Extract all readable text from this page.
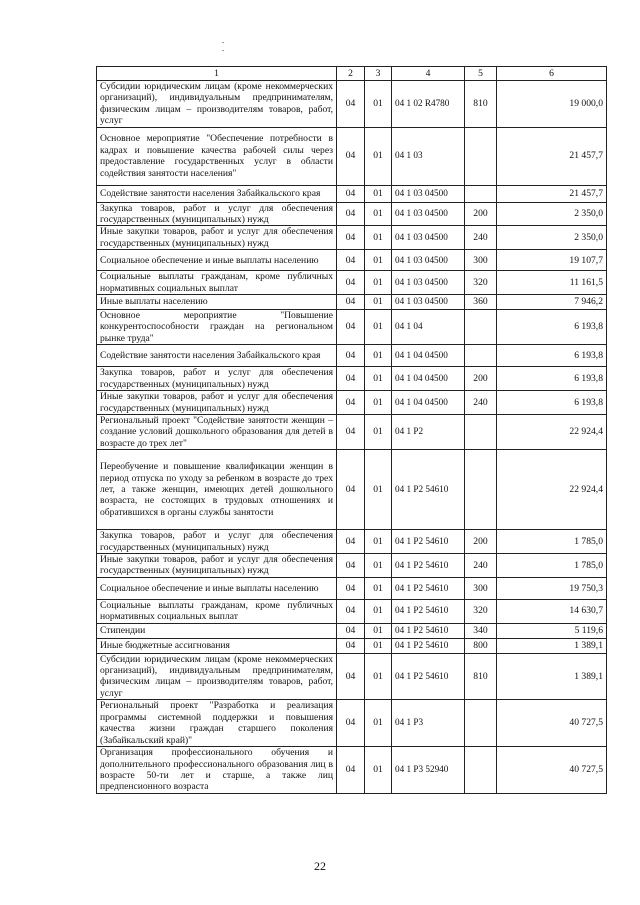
1	2	3	4	5	6
Субсидии юридическим лицам (кроме некоммерческих организаций), индивидуальным предпринимателям, физическим лицам – производителям товаров, работ, услуг	04	01	04 1 02 R4780	810	19 000,0
Основное мероприятие "Обеспечение потребности в кадрах и повышение качества рабочей силы через предоставление государственных услуг в области содействия занятости населения"	04	01	04 1 03		21 457,7
Содействие занятости населения Забайкальского края	04	01	04 1 03 04500		21 457,7
Закупка товаров, работ и услуг для обеспечения государственных (муниципальных) нужд	04	01	04 1 03 04500	200	2 350,0
Иные закупки товаров, работ и услуг для обеспечения государственных (муниципальных) нужд	04	01	04 1 03 04500	240	2 350,0
Социальное обеспечение и иные выплаты населению	04	01	04 1 03 04500	300	19 107,7
Социальные выплаты гражданам, кроме публичных нормативных социальных выплат	04	01	04 1 03 04500	320	11 161,5
Иные выплаты населению	04	01	04 1 03 04500	360	7 946,2
Основное мероприятие "Повышение конкурентоспособности граждан на региональном рынке труда"	04	01	04 1 04		6 193,8
Содействие занятости населения Забайкальского края	04	01	04 1 04 04500		6 193,8
Закупка товаров, работ и услуг для обеспечения государственных (муниципальных) нужд	04	01	04 1 04 04500	200	6 193,8
Иные закупки товаров, работ и услуг для обеспечения государственных (муниципальных) нужд	04	01	04 1 04 04500	240	6 193,8
Региональный проект "Содействие занятости женщин – создание условий дошкольного образования для детей в возрасте до трех лет"	04	01	04 1 P2		22 924,4
Переобучение и повышение квалификации женщин в период отпуска по уходу за ребенком в возрасте до трех лет, а также женщин, имеющих детей дошкольного возраста, не состоящих в трудовых отношениях и обратившихся в органы службы занятости	04	01	04 1 P2 54610		22 924,4
Закупка товаров, работ и услуг для обеспечения государственных (муниципальных) нужд	04	01	04 1 P2 54610	200	1 785,0
Иные закупки товаров, работ и услуг для обеспечения государственных (муниципальных) нужд	04	01	04 1 P2 54610	240	1 785,0
Социальное обеспечение и иные выплаты населению	04	01	04 1 P2 54610	300	19 750,3
Социальные выплаты гражданам, кроме публичных нормативных социальных выплат	04	01	04 1 P2 54610	320	14 630,7
Стипендии	04	01	04 1 P2 54610	340	5 119,6
Иные бюджетные ассигнования	04	01	04 1 P2 54610	800	1 389,1
Субсидии юридическим лицам (кроме некоммерческих организаций), индивидуальным предпринимателям, физическим лицам – производителям товаров, работ, услуг	04	01	04 1 P2 54610	810	1 389,1
Региональный проект "Разработка и реализация программы системной поддержки и повышения качества жизни граждан старшего поколения (Забайкальский край)"	04	01	04 1 P3		40 727,5
Организация профессионального обучения и дополнительного профессионального образования лиц в возрасте 50-ти лет и старше, а также лиц предпенсионного возраста	04	01	04 1 P3 52940		40 727,5
22
